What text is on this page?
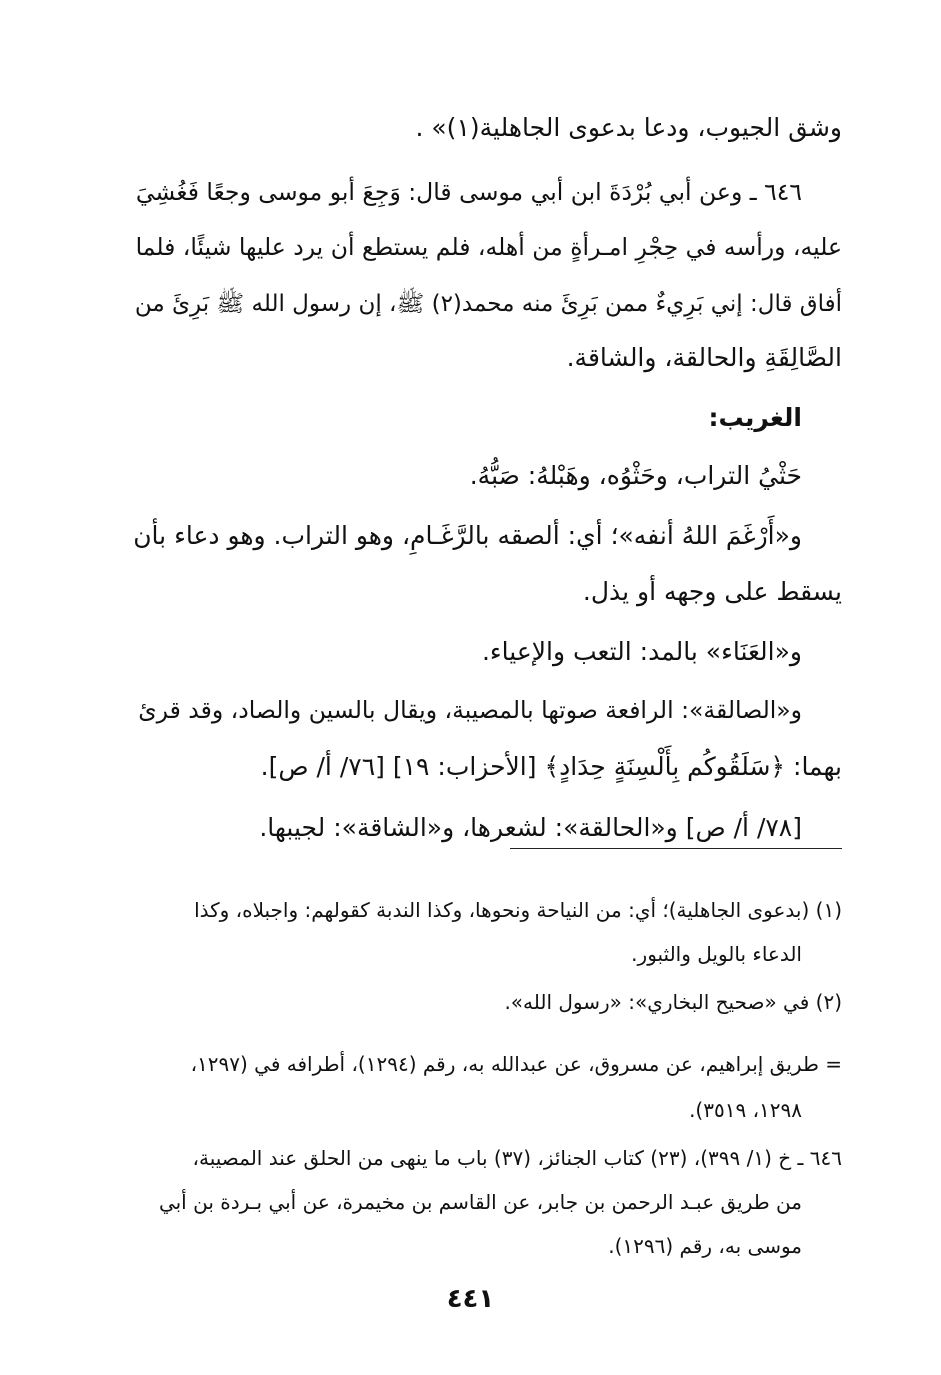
وشق الجيوب، ودعا بدعوى الجاهلية(١)» .
٦٤٦ ـ وعن أبي بُرْدَةَ ابن أبي موسى قال: وَجِعَ أبو موسى وجعًا فَغُشِيَ
عليه، ورأسه في حِجْرِ امـرأةٍ من أهله، فلم يستطع أن يرد عليها شيئًا، فلما
أفاق قال: إني بَرِيءٌ ممن بَرِئَ منه محمد(٢) ﷺ، إن رسول الله ﷺ بَرِئَ من
الصَّالِقَةِ والحالقة، والشاقة.
الغريب:
حَثْيُ التراب، وحَثْوُه، وهَبْلهُ: صَبُّهُ.
و«أَرْغَمَ اللهُ أنفه»؛ أي: ألصقه بالرَّغَـامِ، وهو التراب. وهو دعاء بأن
يسقط على وجهه أو يذل.
و«العَنَاء» بالمد: التعب والإعياء.
و«الصالقة»: الرافعة صوتها بالمصيبة، ويقال بالسين والصاد، وقد قرئ
بهما: ﴿سَلَقُوكُم بِأَلْسِنَةٍ حِدَادٍ﴾ [الأحزاب: ١٩] [٧٦/ أ/ ص].
[٧٨/ أ/ ص] و«الحالقة»: لشعرها، و«الشاقة»: لجيبها.
(١) (بدعوى الجاهلية)؛ أي: من النياحة ونحوها، وكذا الندبة كقولهم: واجبلاه، وكذا
الدعاء بالويل والثبور.
(٢) في «صحيح البخاري»: «رسول الله».
= طريق إبراهيم، عن مسروق، عن عبدالله به، رقم (١٢٩٤)، أطرافه في (١٢٩٧،
١٢٩٨، ٣٥١٩).
٦٤٦ ـ خ (١/ ٣٩٩)، (٢٣) كتاب الجنائز، (٣٧) باب ما ينهى من الحلق عند المصيبة،
من طريق عبـد الرحمن بن جابر، عن القاسم بن مخيمرة، عن أبي بـردة بن أبي
موسى به، رقم (١٢٩٦).
٤٤١
